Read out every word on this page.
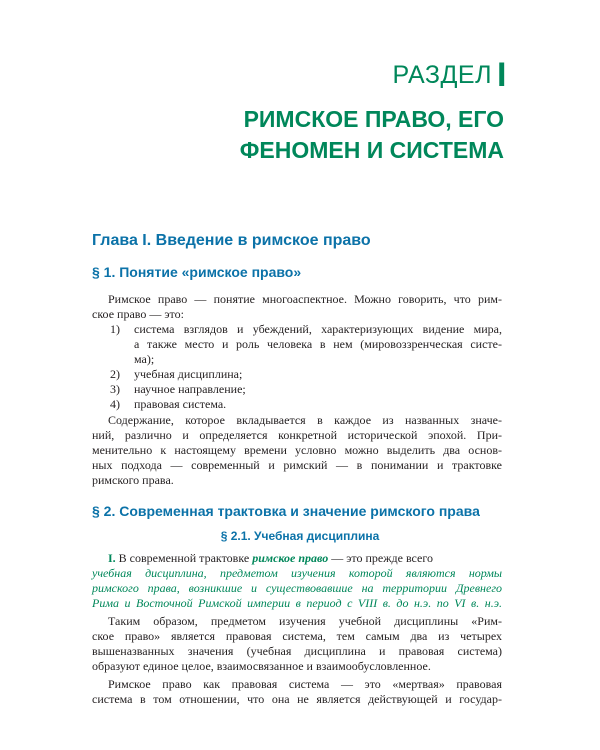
РАЗДЕЛ I
РИМСКОЕ ПРАВО, ЕГО
ФЕНОМЕН И СИСТЕМА
Глава I. Введение в римское право
§ 1. Понятие «римское право»
Римское право — понятие многоаспектное. Можно говорить, что рим-
ское право — это:
1)	система взглядов и убеждений, характеризующих видение мира,
а также место и роль человека в нем (мировоззренческая систе-
ма);
2)	учебная дисциплина;
3)	научное направление;
4)	правовая система.
Содержание, которое вкладывается в каждое из названных значе-
ний, различно и определяется конкретной исторической эпохой. При-
менительно к настоящему времени условно можно выделить два основ-
ных подхода — современный и римский — в понимании и трактовке
римского права.
§ 2. Современная трактовка и значение римского права
§ 2.1. Учебная дисциплина
I. В современной трактовке римское право — это прежде всего
учебная дисциплина, предметом изучения которой являются нормы
римского права, возникшие и существовавшие на территории Древнего
Рима и Восточной Римской империи в период с VIII в. до н.э. по VI в. н.э.
Таким образом, предметом изучения учебной дисциплины «Рим-
ское право» является правовая система, тем самым два из четырех
вышеназванных значения (учебная дисциплина и правовая система)
образуют единое целое, взаимосвязанное и взаимообусловленное.
Римское право как правовая система — это «мертвая» правовая
система в том отношении, что она не является действующей и государ-
